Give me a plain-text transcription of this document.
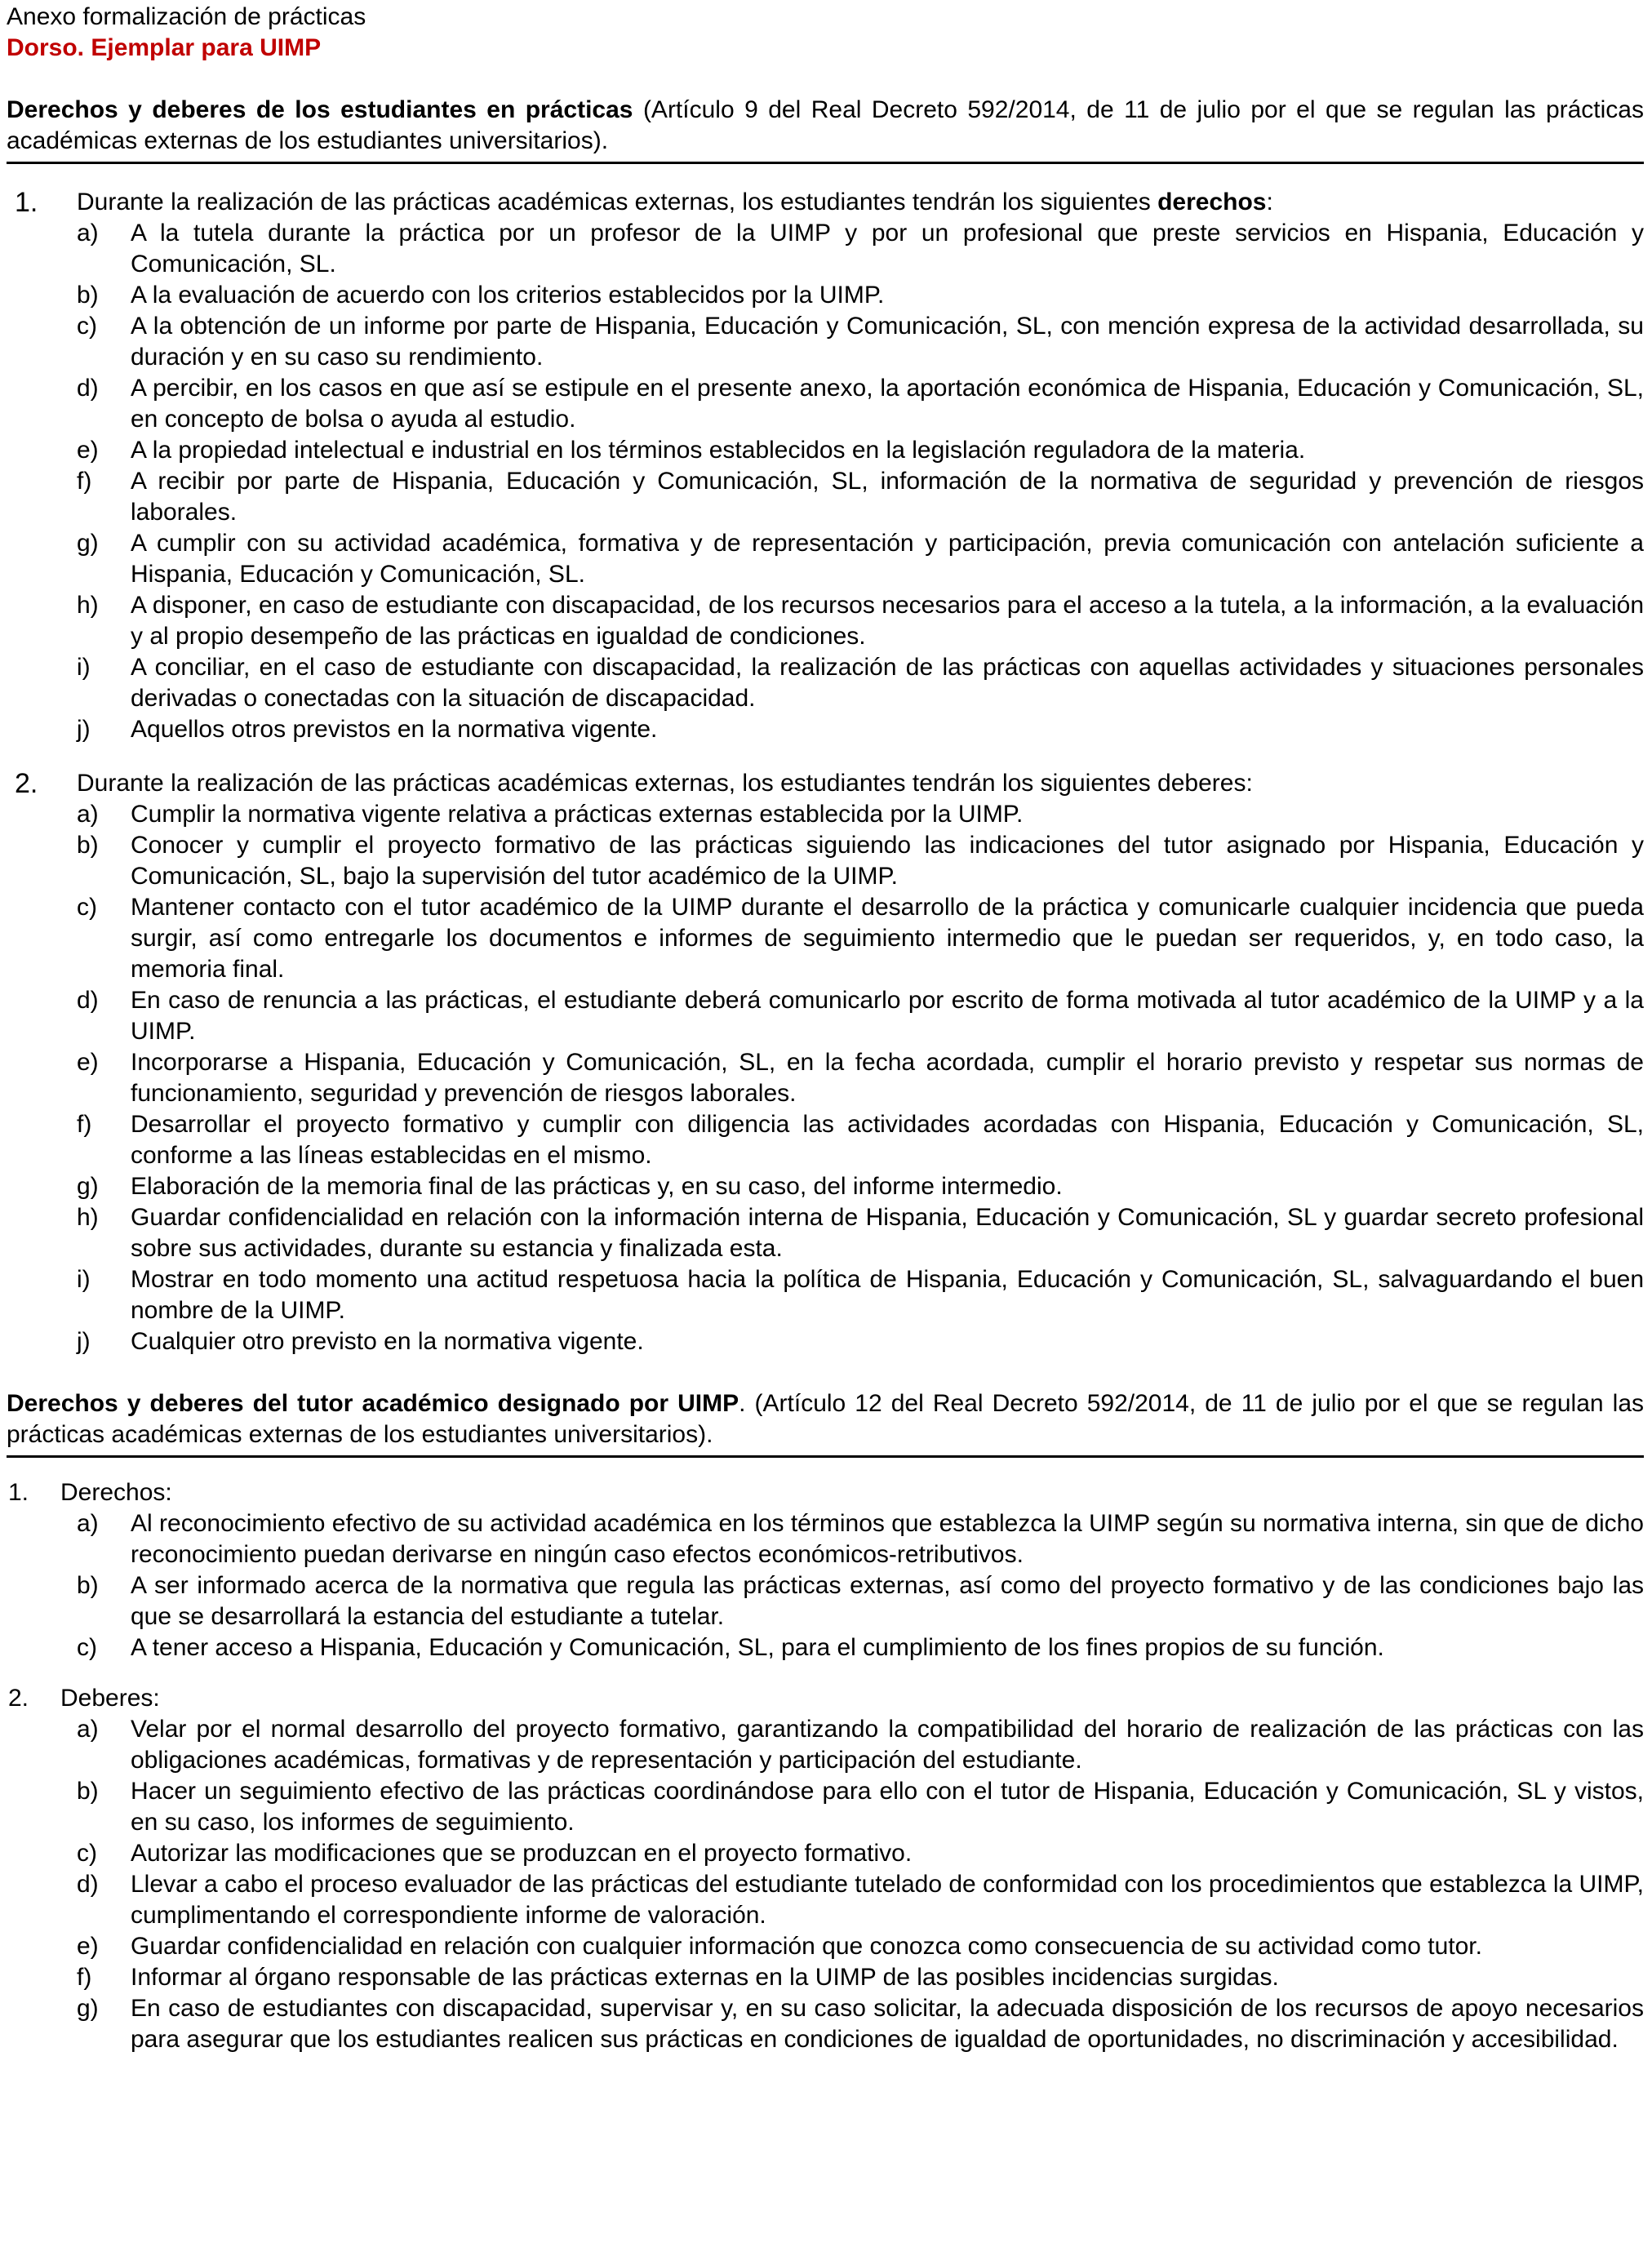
Anexo formalización de prácticas
Dorso. Ejemplar para UIMP
Derechos y deberes de los estudiantes en prácticas (Artículo 9 del Real Decreto 592/2014, de 11 de julio por el que se regulan las prácticas académicas externas de los estudiantes universitarios).
1.	Durante la realización de las prácticas académicas externas, los estudiantes tendrán los siguientes derechos:
a)	A la tutela durante la práctica por un profesor de la UIMP y por un profesional que preste servicios en Hispania, Educación y Comunicación, SL.
b)	A la evaluación de acuerdo con los criterios establecidos por la UIMP.
c)	A la obtención de un informe por parte de Hispania, Educación y Comunicación, SL, con mención expresa de la actividad desarrollada, su duración y en su caso su rendimiento.
d)	A percibir, en los casos en que así se estipule en el presente anexo, la aportación económica de Hispania, Educación y Comunicación, SL, en concepto de bolsa o ayuda al estudio.
e)	A la propiedad intelectual e industrial en los términos establecidos en la legislación reguladora de la materia.
f)	A recibir por parte de Hispania, Educación y Comunicación, SL, información de la normativa de seguridad y prevención de riesgos laborales.
g)	A cumplir con su actividad académica, formativa y de representación y participación, previa comunicación con antelación suficiente a Hispania, Educación y Comunicación, SL.
h)	A disponer, en caso de estudiante con discapacidad, de los recursos necesarios para el acceso a la tutela, a la información, a la evaluación y al propio desempeño de las prácticas en igualdad de condiciones.
i)	A conciliar, en el caso de estudiante con discapacidad, la realización de las prácticas con aquellas actividades y situaciones personales derivadas o conectadas con la situación de discapacidad.
j)	Aquellos otros previstos en la normativa vigente.
2.	Durante la realización de las prácticas académicas externas, los estudiantes tendrán los siguientes deberes:
a)	Cumplir la normativa vigente relativa a prácticas externas establecida por la UIMP.
b)	Conocer y cumplir el proyecto formativo de las prácticas siguiendo las indicaciones del tutor asignado por Hispania, Educación y Comunicación, SL, bajo la supervisión del tutor académico de la UIMP.
c)	Mantener contacto con el tutor académico de la UIMP durante el desarrollo de la práctica y comunicarle cualquier incidencia que pueda surgir, así como entregarle los documentos e informes de seguimiento intermedio que le puedan ser requeridos, y, en todo caso, la memoria final.
d)	En caso de renuncia a las prácticas, el estudiante deberá comunicarlo por escrito de forma motivada al tutor académico de la UIMP y a la UIMP.
e)	Incorporarse a Hispania, Educación y Comunicación, SL, en la fecha acordada, cumplir el horario previsto y respetar sus normas de funcionamiento, seguridad y prevención de riesgos laborales.
f)	Desarrollar el proyecto formativo y cumplir con diligencia las actividades acordadas con Hispania, Educación y Comunicación, SL, conforme a las líneas establecidas en el mismo.
g)	Elaboración de la memoria final de las prácticas y, en su caso, del informe intermedio.
h)	Guardar confidencialidad en relación con la información interna de Hispania, Educación y Comunicación, SL y guardar secreto profesional sobre sus actividades, durante su estancia y finalizada esta.
i)	Mostrar en todo momento una actitud respetuosa hacia la política de Hispania, Educación y Comunicación, SL, salvaguardando el buen nombre de la UIMP.
j)	Cualquier otro previsto en la normativa vigente.
Derechos y deberes del tutor académico designado por UIMP. (Artículo 12 del Real Decreto 592/2014, de 11 de julio por el que se regulan las prácticas académicas externas de los estudiantes universitarios).
1.	Derechos:
a)	Al reconocimiento efectivo de su actividad académica en los términos que establezca la UIMP según su normativa interna, sin que de dicho reconocimiento puedan derivarse en ningún caso efectos económicos-retributivos.
b)	A ser informado acerca de la normativa que regula las prácticas externas, así como del proyecto formativo y de las condiciones bajo las que se desarrollará la estancia del estudiante a tutelar.
c)	A tener acceso a Hispania, Educación y Comunicación, SL, para el cumplimiento de los fines propios de su función.
2.	Deberes:
a)	Velar por el normal desarrollo del proyecto formativo, garantizando la compatibilidad del horario de realización de las prácticas con las obligaciones académicas, formativas y de representación y participación del estudiante.
b)	Hacer un seguimiento efectivo de las prácticas coordinándose para ello con el tutor de Hispania, Educación y Comunicación, SL y vistos, en su caso, los informes de seguimiento.
c)	Autorizar las modificaciones que se produzcan en el proyecto formativo.
d)	Llevar a cabo el proceso evaluador de las prácticas del estudiante tutelado de conformidad con los procedimientos que establezca la UIMP, cumplimentando el correspondiente informe de valoración.
e)	Guardar confidencialidad en relación con cualquier información que conozca como consecuencia de su actividad como tutor.
f)	Informar al órgano responsable de las prácticas externas en la UIMP de las posibles incidencias surgidas.
g)	En caso de estudiantes con discapacidad, supervisar y, en su caso solicitar, la adecuada disposición de los recursos de apoyo necesarios para asegurar que los estudiantes realicen sus prácticas en condiciones de igualdad de oportunidades, no discriminación y accesibilidad.
